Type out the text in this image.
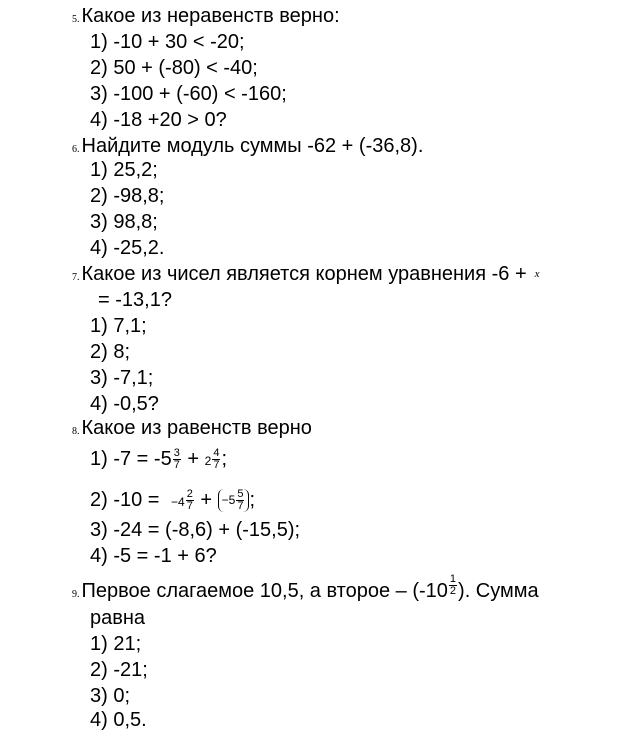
5. Какое из неравенств верно:
1) -10 + 30 < -20;
2) 50 + (-80) < -40;
3) -100 + (-60) < -160;
4) -18 +20 > 0?
6. Найдите модуль суммы -62 + (-36,8).
1) 25,2;
2) -98,8;
3) 98,8;
4) -25,2.
7. Какое из чисел является корнем уравнения -6 + $^x$
= -13,1?
1) 7,1;
2) 8;
3) -7,1;
4) -0,5?
8. Какое из равенств верно
1) $-7 = -5 \frac{3}{7} + 2 \frac{4}{7}$ ;
2) $-10 = -4 \frac{2}{7} + -5 \frac{5}{7}$ ;
3) -24 = (-8,6) + (-15,5);
4) -5 = -1 + 6?
9. Первое слагаемое 10,5, а второе – ($-10 \frac{1}{2}$ ). Сумма
равна
1) 21;
2) -21;
3) 0;
4) 0,5.
